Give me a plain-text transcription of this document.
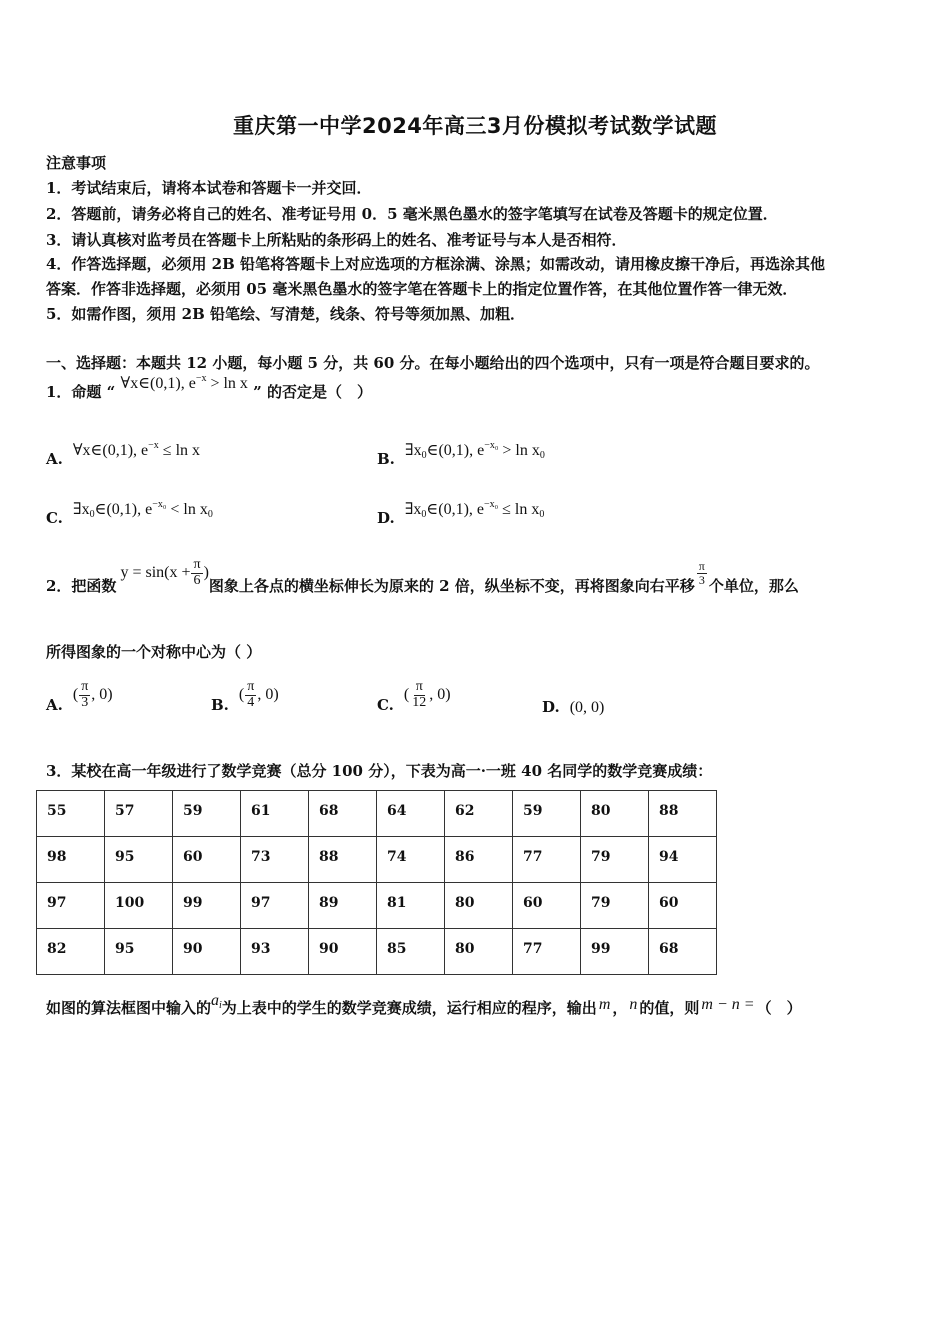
重庆第一中学2024年高三3月份模拟考试数学试题
注意事项
1．考试结束后，请将本试卷和答题卡一并交回．
2．答题前，请务必将自己的姓名、准考证号用 0．5 毫米黑色墨水的签字笔填写在试卷及答题卡的规定位置．
3．请认真核对监考员在答题卡上所粘贴的条形码上的姓名、准考证号与本人是否相符．
4．作答选择题，必须用 2B 铅笔将答题卡上对应选项的方框涂满、涂黑；如需改动，请用橡皮擦干净后，再选涂其他
答案．作答非选择题，必须用 05 毫米黑色墨水的签字笔在答题卡上的指定位置作答，在其他位置作答一律无效．
5．如需作图，须用 2B 铅笔绘、写清楚，线条、符号等须加黑、加粗．
一、选择题：本题共 12 小题，每小题 5 分，共 60 分。在每小题给出的四个选项中，只有一项是符合题目要求的。
1．命题 “ ∀x∈(0,1), $e^{-x} > \ln x$ ” 的否定是（　）
A. ∀x∈(0,1), $e^{-x} \le \ln x$	B. $\exists x_0\in(0,1)$, $e^{-x_0} > \ln x_0$
C. $\exists x_0\in(0,1)$, $e^{-x_0} < \ln x_0$	D. $\exists x_0\in(0,1)$, $e^{-x_0} \le \ln x_0$
2．把函数
$y = \sin(x + \frac{\pi}{6}$ )
图象上各点的横坐标伸长为原来的 2 倍，纵坐标不变，再将图象向右平移 $\frac{\pi}{3}$ 个单位，那么
所得图象的一个对称中心为（ ）
A.
( $\frac{\pi}{3}$ , 0)
B.
( $\frac{\pi}{4}$ , 0)
C.
( $\frac{\pi}{12}$ , 0)
D. (0, 0)
3．某校在高一年级进行了数学竞赛（总分 100 分），下表为高一·一班 40 名同学的数学竞赛成绩：
55	57	59	61	68	64	62	59	80	88
98	95	60	73	88	74	86	77	79	94
97	100	99	97	89	81	80	60	79	60
82	95	90	93	90	85	80	77	99	68
如图的算法框图中输入的$a_i$为上表中的学生的数学竞赛成绩，运行相应的程序，输出 m ， n 的值，则 m − n = （　）
